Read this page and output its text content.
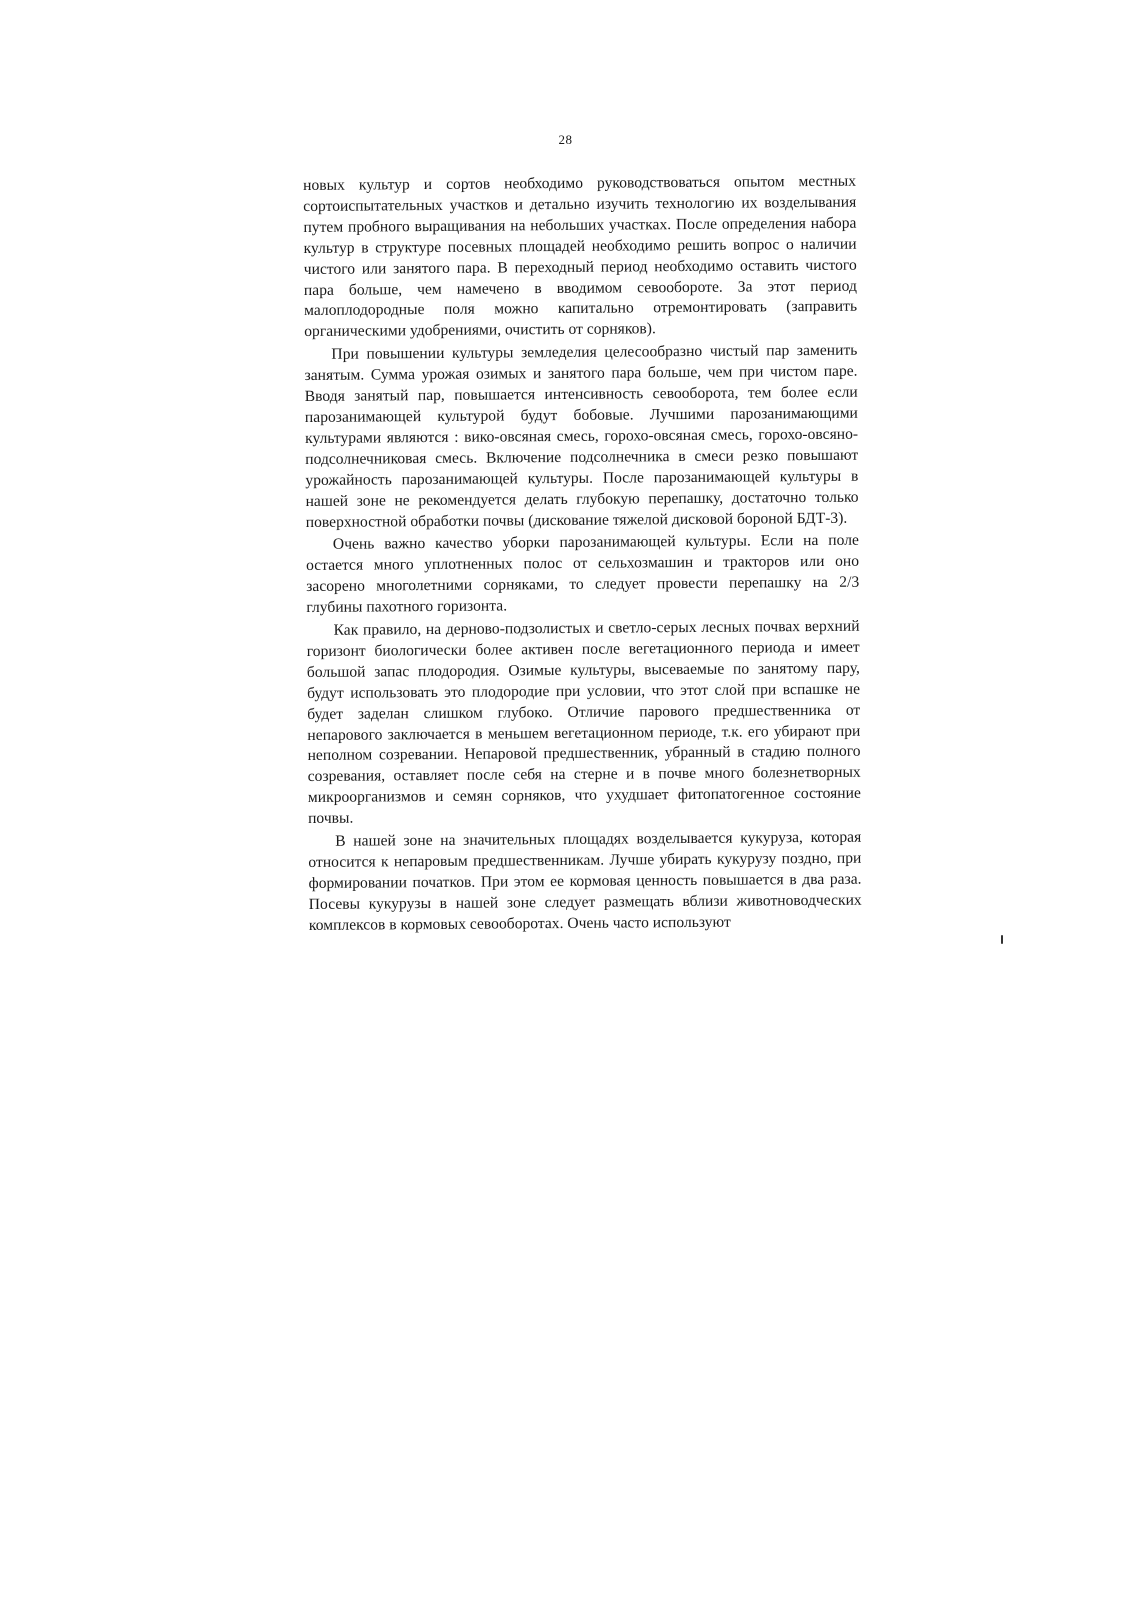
28

новых культур и сортов необходимо руководствоваться опытом местных сортоиспытательных участков и детально изучить технологию их возделывания путем пробного выращивания на небольших участках. После определения набора культур в структуре посевных площадей необходимо решить вопрос о наличии чистого или занятого пара. В переходный период необходимо оставить чистого пара больше, чем намечено в вводимом севообороте. За этот период малоплодородные поля можно капитально отремонтировать (заправить органическими удобрениями, очистить от сорняков).

При повышении культуры земледелия целесообразно чистый пар заменить занятым. Сумма урожая озимых и занятого пара больше, чем при чистом паре. Вводя занятый пар, повышается интенсивность севооборота, тем более если парозанимающей культурой будут бобовые. Лучшими парозанимающими культурами являются : вико-овсяная смесь, горохо-овсяная смесь, горохо-овсяно-подсолнечниковая смесь. Включение подсолнечника в смеси резко повышают урожайность парозанимающей культуры. После парозанимающей культуры в нашей зоне не рекомендуется делать глубокую перепашку, достаточно только поверхностной обработки почвы (дискование тяжелой дисковой бороной БДТ-3).

Очень важно качество уборки парозанимающей культуры. Если на поле остается много уплотненных полос от сельхозмашин и тракторов или оно засорено многолетними сорняками, то следует провести перепашку на 2/3 глубины пахотного горизонта.

Как правило, на дерново-подзолистых и светло-серых лесных почвах верхний горизонт биологически более активен после вегетационного периода и имеет большой запас плодородия. Озимые культуры, высеваемые по занятому пару, будут использовать это плодородие при условии, что этот слой при вспашке не будет заделан слишком глубоко. Отличие парового предшественника от непарового заключается в меньшем вегетационном периоде, т.к. его убирают при неполном созревании. Непаровой предшественник, убранный в стадию полного созревания, оставляет после себя на стерне и в почве много болезнетворных микроорганизмов и семян сорняков, что ухудшает фитопатогенное состояние почвы.

В нашей зоне на значительных площадях возделывается кукуруза, которая относится к непаровым предшественникам. Лучше убирать кукурузу поздно, при формировании початков. При этом ее кормовая ценность повышается в два раза. Посевы кукурузы в нашей зоне следует размещать вблизи животноводческих комплексов в кормовых севооборотах. Очень часто используют
